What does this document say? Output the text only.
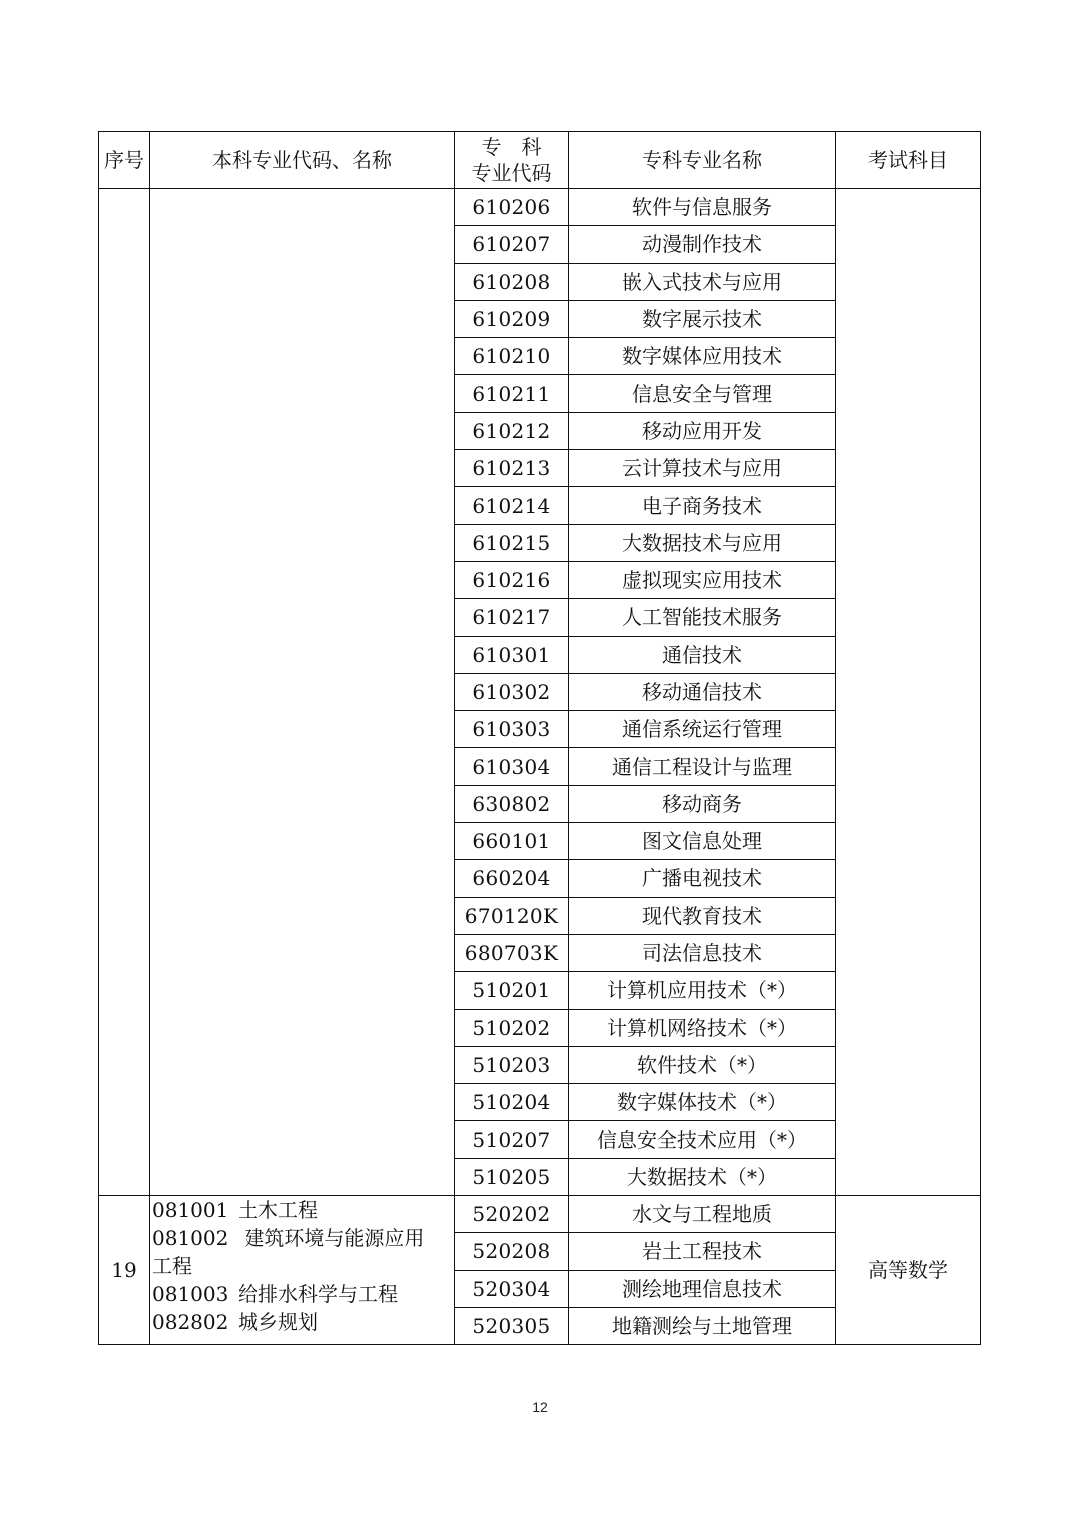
序号	本科专业代码、名称	专　科
专业代码	专科专业名称	考试科目
		610206	软件与信息服务	
		610207	动漫制作技术	
		610208	嵌入式技术与应用	
		610209	数字展示技术	
		610210	数字媒体应用技术	
		610211	信息安全与管理	
		610212	移动应用开发	
		610213	云计算技术与应用	
		610214	电子商务技术	
		610215	大数据技术与应用	
		610216	虚拟现实应用技术	
		610217	人工智能技术服务	
		610301	通信技术	
		610302	移动通信技术	
		610303	通信系统运行管理	
		610304	通信工程设计与监理	
		630802	移动商务	
		660101	图文信息处理	
		660204	广播电视技术	
		670120K	现代教育技术	
		680703K	司法信息技术	
		510201	计算机应用技术（*）	
		510202	计算机网络技术（*）	
		510203	软件技术（*）	
		510204	数字媒体技术（*）	
		510207	信息安全技术应用（*）	
		510205	大数据技术（*）	
19	081001 土木工程
081002 建筑环境与能源应用
工程
081003 给排水科学与工程
082802 城乡规划	520202	水文与工程地质	高等数学
		520208	岩土工程技术	
		520304	测绘地理信息技术	
		520305	地籍测绘与土地管理	
12
